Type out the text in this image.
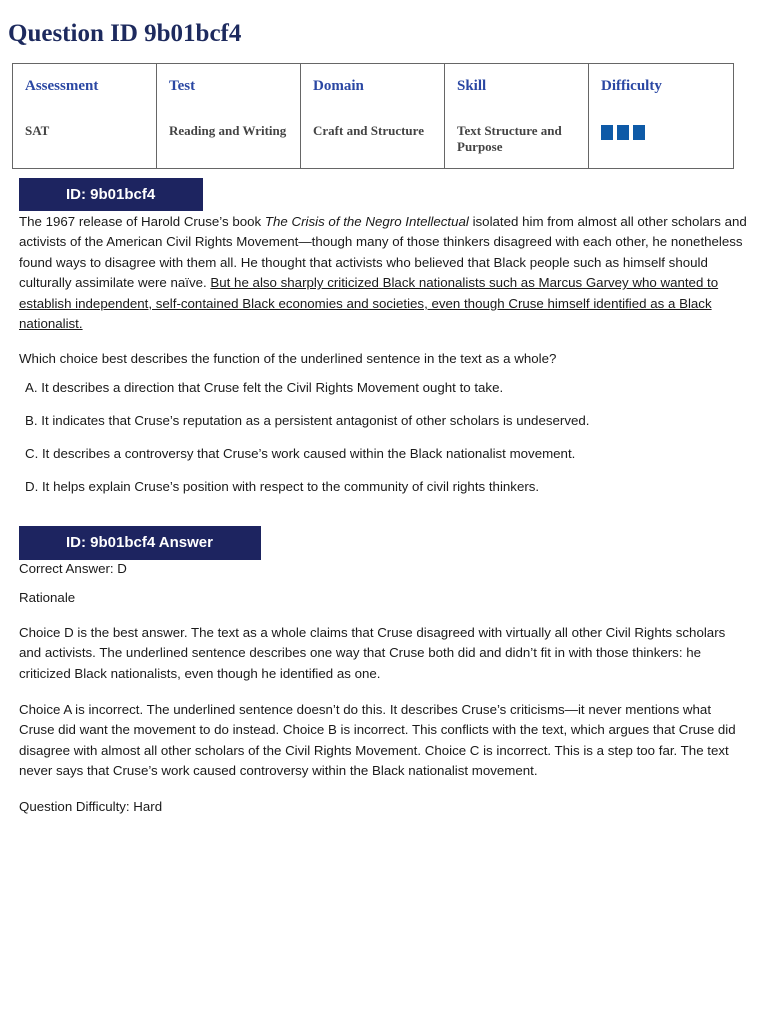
Question ID 9b01bcf4
Assessment	Test	Domain	Skill	Difficulty
SAT	Reading and Writing	Craft and Structure	Text Structure and Purpose	
ID: 9b01bcf4

The 1967 release of Harold Cruse’s book The Crisis of the Negro Intellectual isolated him from almost all other scholars and activists of the American Civil Rights Movement—though many of those thinkers disagreed with each other, he nonetheless found ways to disagree with them all. He thought that activists who believed that Black people such as himself should culturally assimilate were naïve. But he also sharply criticized Black nationalists such as Marcus Garvey who wanted to establish independent, self-contained Black economies and societies, even though Cruse himself identified as a Black nationalist.

Which choice best describes the function of the underlined sentence in the text as a whole?

A. It describes a direction that Cruse felt the Civil Rights Movement ought to take.

B. It indicates that Cruse’s reputation as a persistent antagonist of other scholars is undeserved.

C. It describes a controversy that Cruse’s work caused within the Black nationalist movement.

D. It helps explain Cruse’s position with respect to the community of civil rights thinkers.

ID: 9b01bcf4 Answer

Correct Answer: D

Rationale

Choice D is the best answer. The text as a whole claims that Cruse disagreed with virtually all other Civil Rights scholars and activists. The underlined sentence describes one way that Cruse both did and didn’t fit in with those thinkers: he criticized Black nationalists, even though he identified as one.

Choice A is incorrect. The underlined sentence doesn’t do this. It describes Cruse’s criticisms—it never mentions what Cruse did want the movement to do instead. Choice B is incorrect. This conflicts with the text, which argues that Cruse did disagree with almost all other scholars of the Civil Rights Movement. Choice C is incorrect. This is a step too far. The text never says that Cruse’s work caused controversy within the Black nationalist movement.

Question Difficulty: Hard
